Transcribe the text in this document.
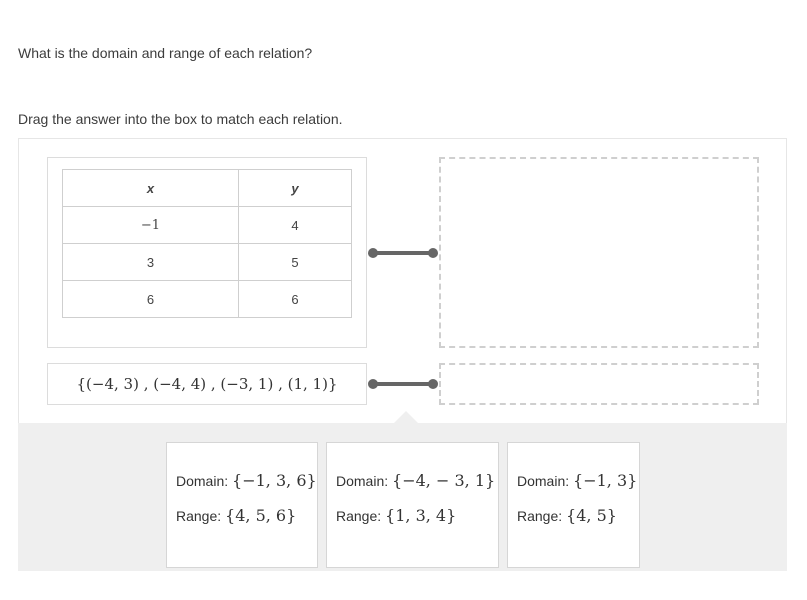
What is the domain and range of each relation?
Drag the answer into the box to match each relation.
x	y
−1	4
3	5
6	6
{(−4, 3) , (−4, 4) , (−3, 1) , (1, 1)}
Domain: {−1, 3, 6}
Range: {4, 5, 6}
Domain: {−4, − 3, 1}
Range: {1, 3, 4}
Domain: {−1, 3}
Range: {4, 5}
